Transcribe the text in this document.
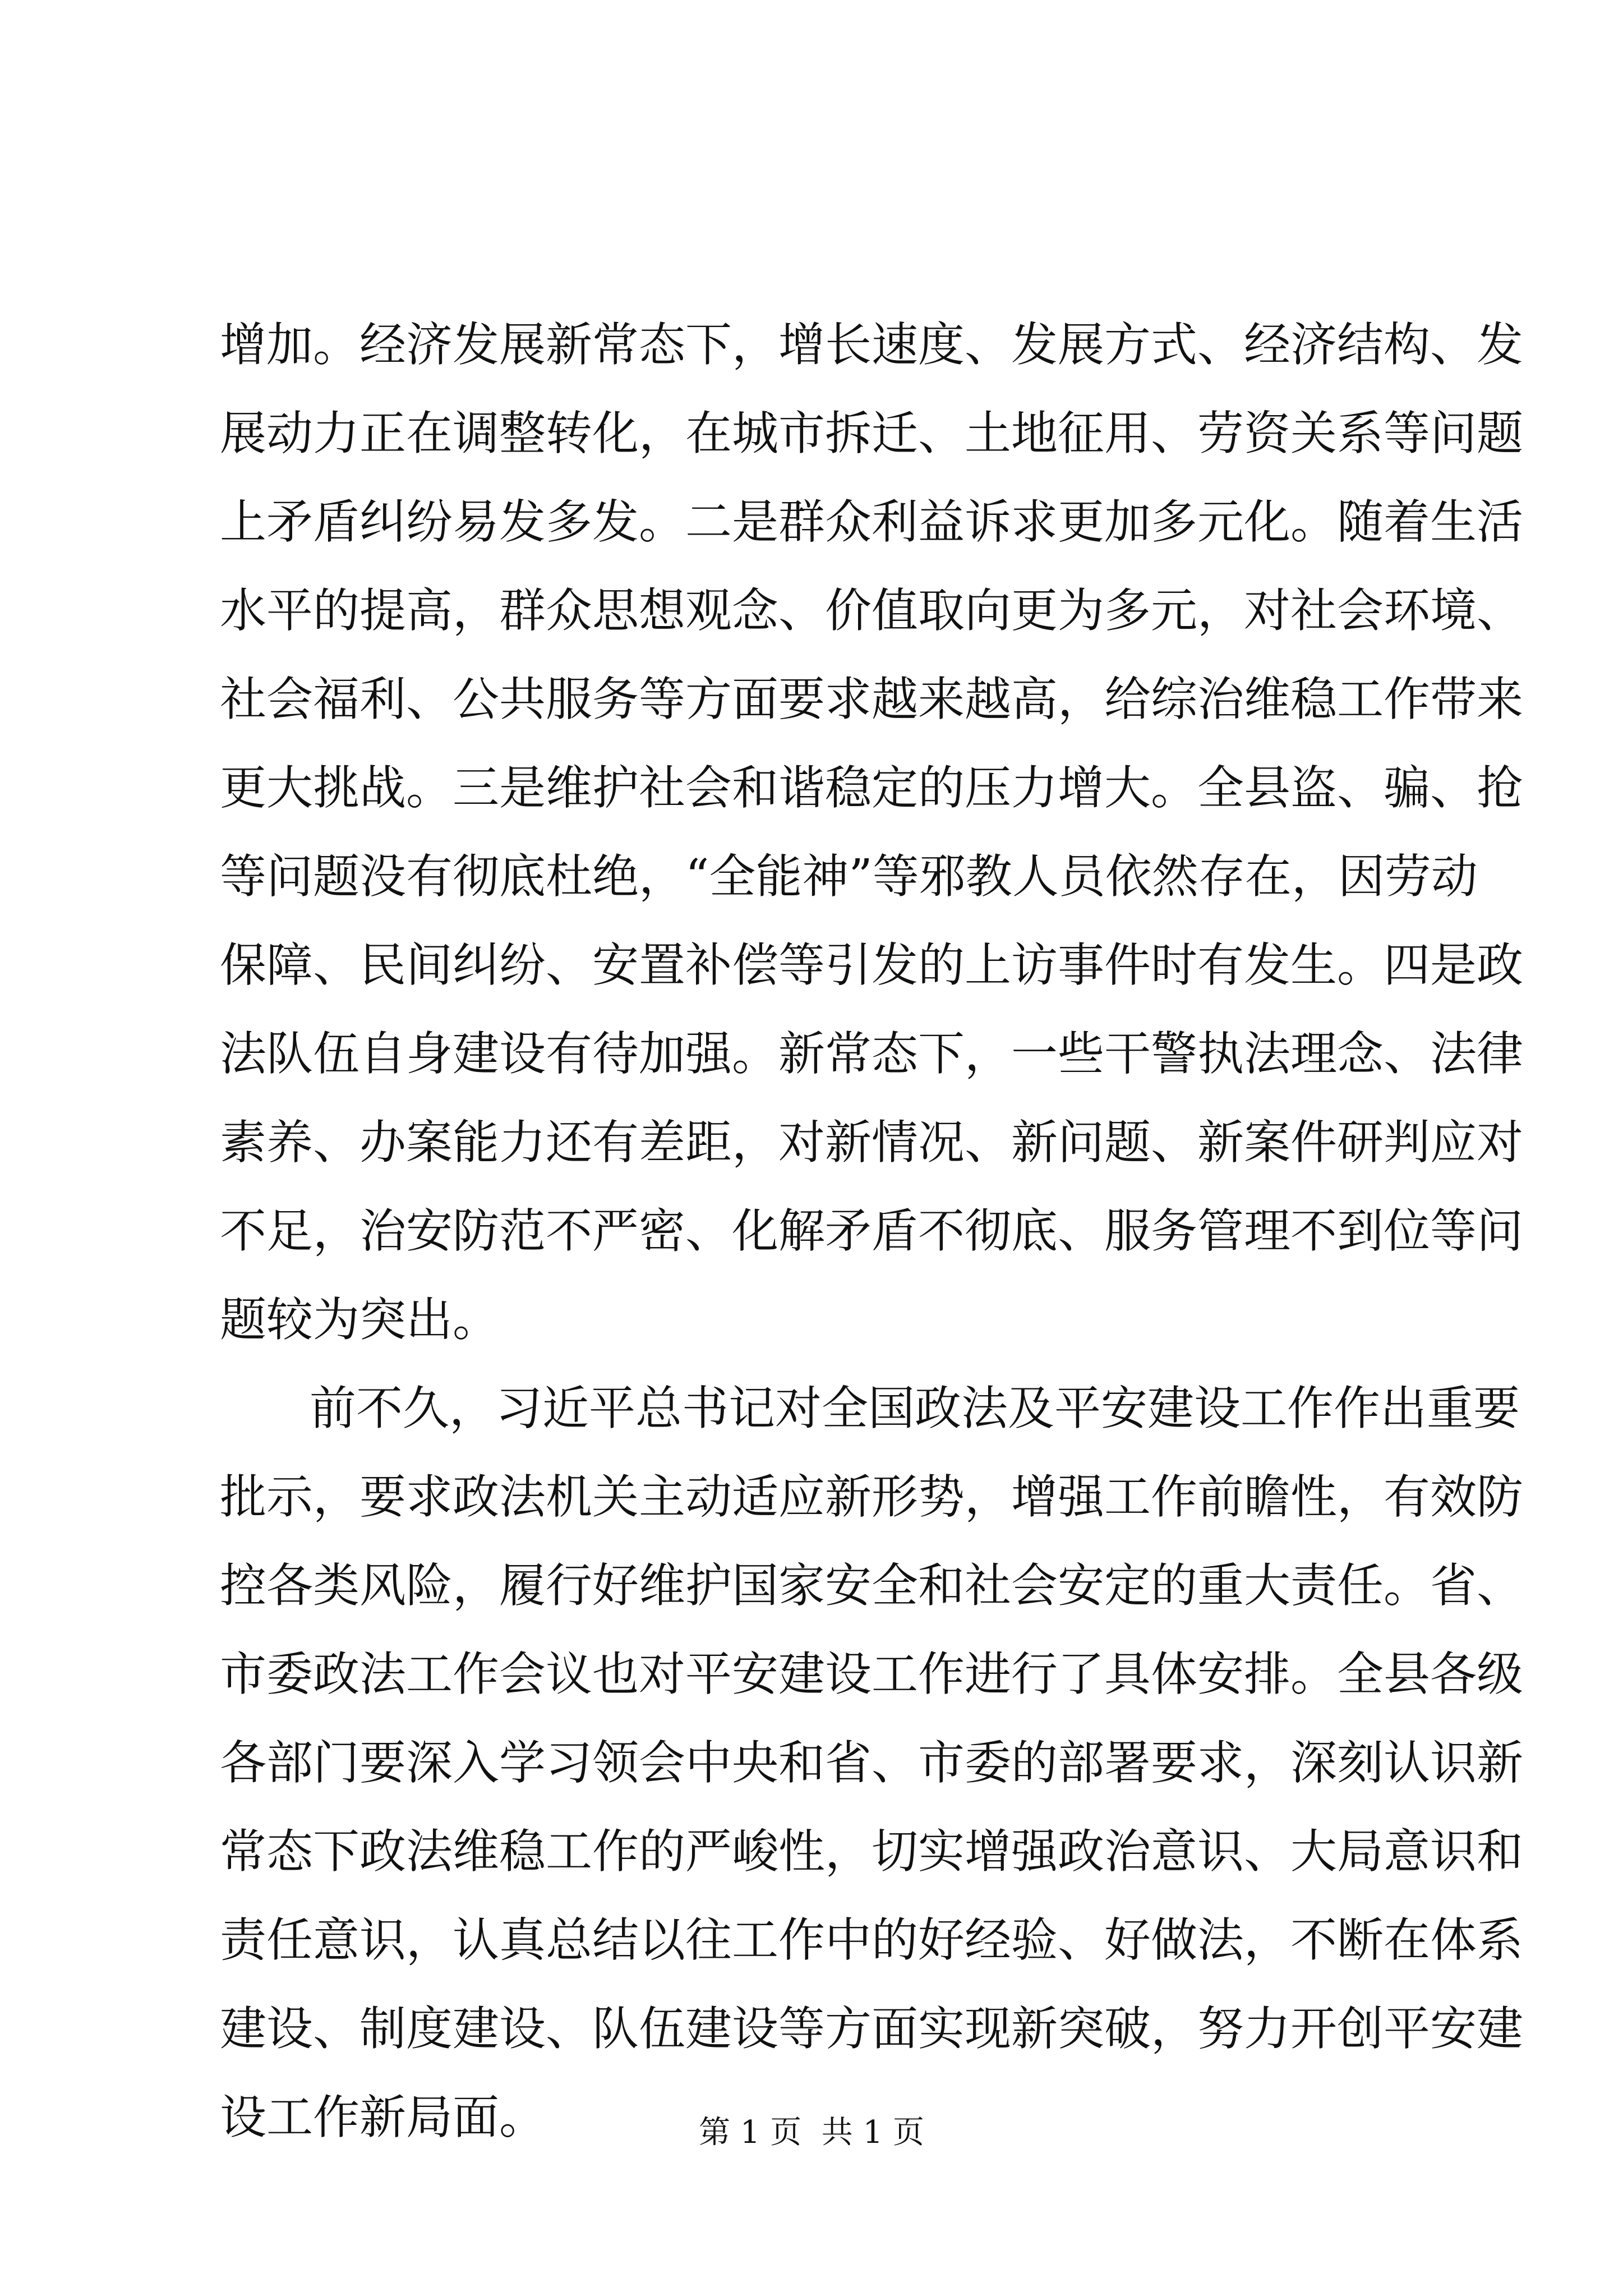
增加。经济发展新常态下，增长速度、发展方式、经济结构、发
展动力正在调整转化，在城市拆迁、土地征用、劳资关系等问题
上矛盾纠纷易发多发。二是群众利益诉求更加多元化。随着生活
水平的提高，群众思想观念、价值取向更为多元，对社会环境、
社会福利、公共服务等方面要求越来越高，给综治维稳工作带来
更大挑战。三是维护社会和谐稳定的压力增大。全县盗、骗、抢
等问题没有彻底杜绝，“全能神”等邪教人员依然存在，因劳动
保障、民间纠纷、安置补偿等引发的上访事件时有发生。四是政
法队伍自身建设有待加强。新常态下，一些干警执法理念、法律
素养、办案能力还有差距，对新情况、新问题、新案件研判应对
不足，治安防范不严密、化解矛盾不彻底、服务管理不到位等问
题较为突出。
前不久，习近平总书记对全国政法及平安建设工作作出重要
批示，要求政法机关主动适应新形势，增强工作前瞻性，有效防
控各类风险，履行好维护国家安全和社会安定的重大责任。省、
市委政法工作会议也对平安建设工作进行了具体安排。全县各级
各部门要深入学习领会中央和省、市委的部署要求，深刻认识新
常态下政法维稳工作的严峻性，切实增强政治意识、大局意识和
责任意识，认真总结以往工作中的好经验、好做法，不断在体系
建设、制度建设、队伍建设等方面实现新突破，努力开创平安建
设工作新局面。	第 1 页  共 1 页
